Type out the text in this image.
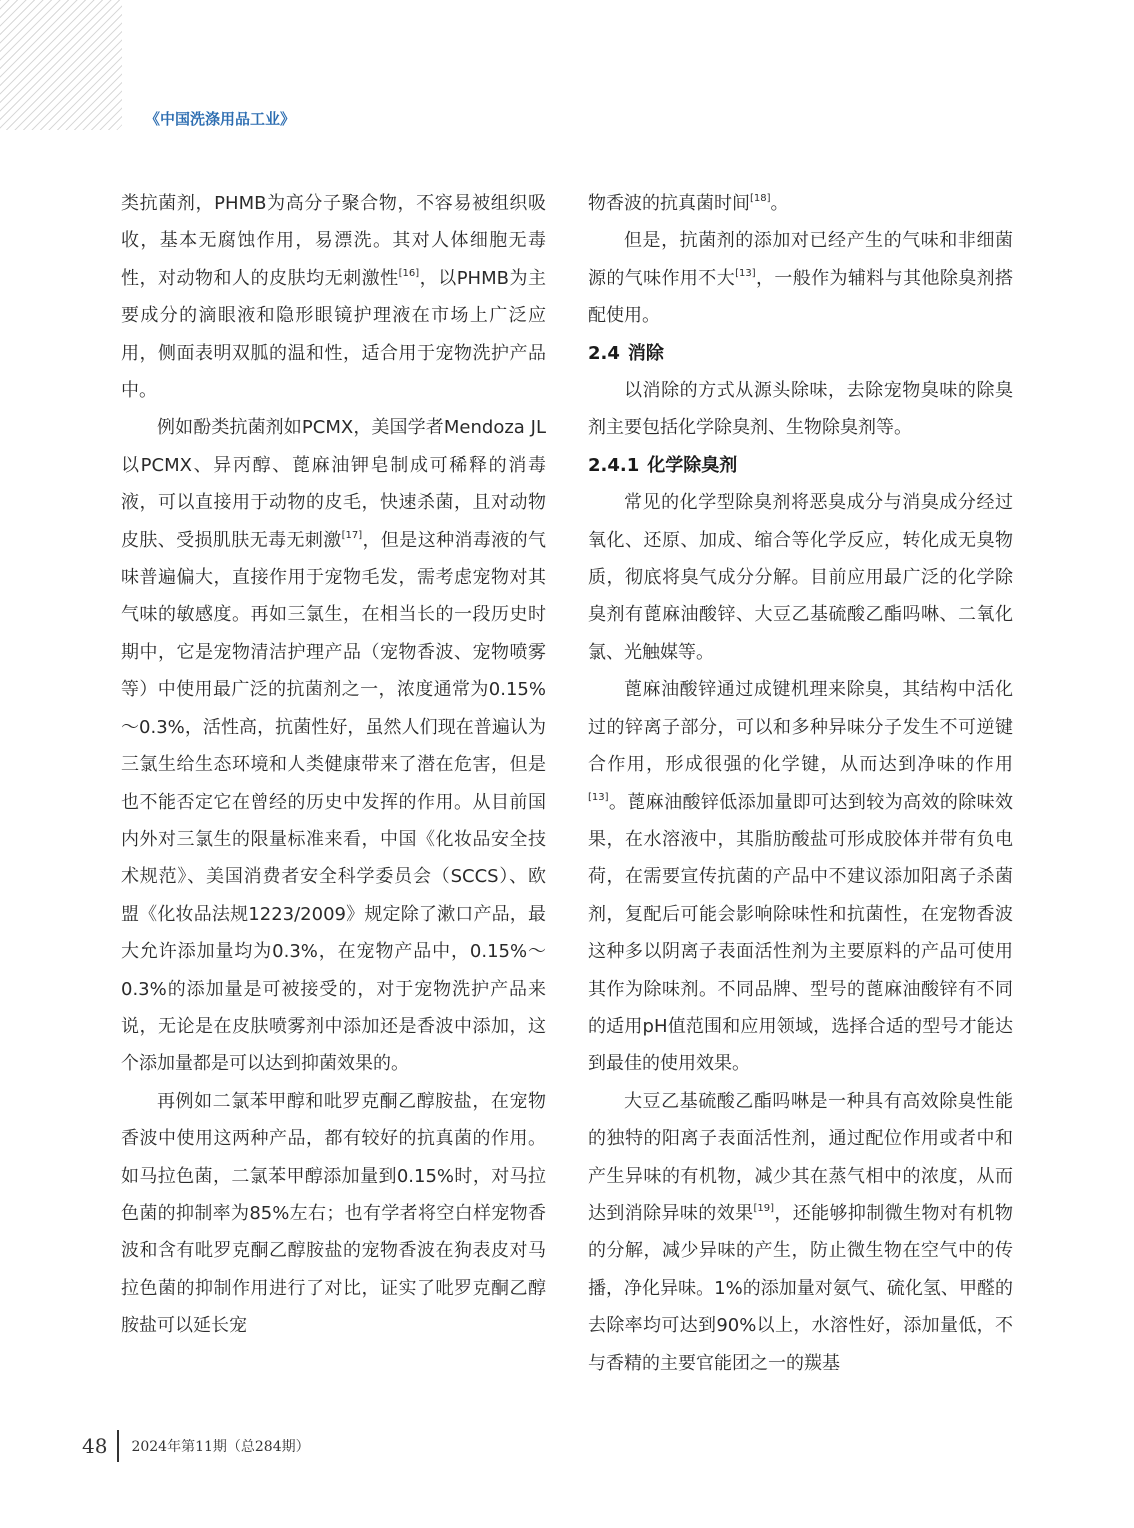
《中国洗涤用品工业》

类抗菌剂，PHMB为高分子聚合物，不容易被组织吸收，基本无腐蚀作用，易漂洗。其对人体细胞无毒性，对动物和人的皮肤均无刺激性[16]，以PHMB为主要成分的滴眼液和隐形眼镜护理液在市场上广泛应用，侧面表明双胍的温和性，适合用于宠物洗护产品中。

例如酚类抗菌剂如PCMX，美国学者Mendoza JL以PCMX、异丙醇、蓖麻油钾皂制成可稀释的消毒液，可以直接用于动物的皮毛，快速杀菌，且对动物皮肤、受损肌肤无毒无刺激[17]，但是这种消毒液的气味普遍偏大，直接作用于宠物毛发，需考虑宠物对其气味的敏感度。再如三氯生，在相当长的一段历史时期中，它是宠物清洁护理产品（宠物香波、宠物喷雾等）中使用最广泛的抗菌剂之一，浓度通常为0.15%～0.3%，活性高，抗菌性好，虽然人们现在普遍认为三氯生给生态环境和人类健康带来了潜在危害，但是也不能否定它在曾经的历史中发挥的作用。从目前国内外对三氯生的限量标准来看，中国《化妆品安全技术规范》、美国消费者安全科学委员会（SCCS）、欧盟《化妆品法规1223/2009》规定除了漱口产品，最大允许添加量均为0.3%，在宠物产品中，0.15%～0.3%的添加量是可被接受的，对于宠物洗护产品来说，无论是在皮肤喷雾剂中添加还是香波中添加，这个添加量都是可以达到抑菌效果的。

再例如二氯苯甲醇和吡罗克酮乙醇胺盐，在宠物香波中使用这两种产品，都有较好的抗真菌的作用。如马拉色菌，二氯苯甲醇添加量到0.15%时，对马拉色菌的抑制率为85%左右；也有学者将空白样宠物香波和含有吡罗克酮乙醇胺盐的宠物香波在狗表皮对马拉色菌的抑制作用进行了对比，证实了吡罗克酮乙醇胺盐可以延长宠

物香波的抗真菌时间[18]。

但是，抗菌剂的添加对已经产生的气味和非细菌源的气味作用不大[13]，一般作为辅料与其他除臭剂搭配使用。

2.4 消除

以消除的方式从源头除味，去除宠物臭味的除臭剂主要包括化学除臭剂、生物除臭剂等。

2.4.1 化学除臭剂

常见的化学型除臭剂将恶臭成分与消臭成分经过氧化、还原、加成、缩合等化学反应，转化成无臭物质，彻底将臭气成分分解。目前应用最广泛的化学除臭剂有蓖麻油酸锌、大豆乙基硫酸乙酯吗啉、二氧化氯、光触媒等。

蓖麻油酸锌通过成键机理来除臭，其结构中活化过的锌离子部分，可以和多种异味分子发生不可逆键合作用，形成很强的化学键，从而达到净味的作用[13]。蓖麻油酸锌低添加量即可达到较为高效的除味效果，在水溶液中，其脂肪酸盐可形成胶体并带有负电荷，在需要宣传抗菌的产品中不建议添加阳离子杀菌剂，复配后可能会影响除味性和抗菌性，在宠物香波这种多以阴离子表面活性剂为主要原料的产品可使用其作为除味剂。不同品牌、型号的蓖麻油酸锌有不同的适用pH值范围和应用领域，选择合适的型号才能达到最佳的使用效果。

大豆乙基硫酸乙酯吗啉是一种具有高效除臭性能的独特的阳离子表面活性剂，通过配位作用或者中和产生异味的有机物，减少其在蒸气相中的浓度，从而达到消除异味的效果[19]，还能够抑制微生物对有机物的分解，减少异味的产生，防止微生物在空气中的传播，净化异味。1%的添加量对氨气、硫化氢、甲醛的去除率均可达到90%以上，水溶性好，添加量低，不与香精的主要官能团之一的羰基

48 2024年第11期（总284期）
